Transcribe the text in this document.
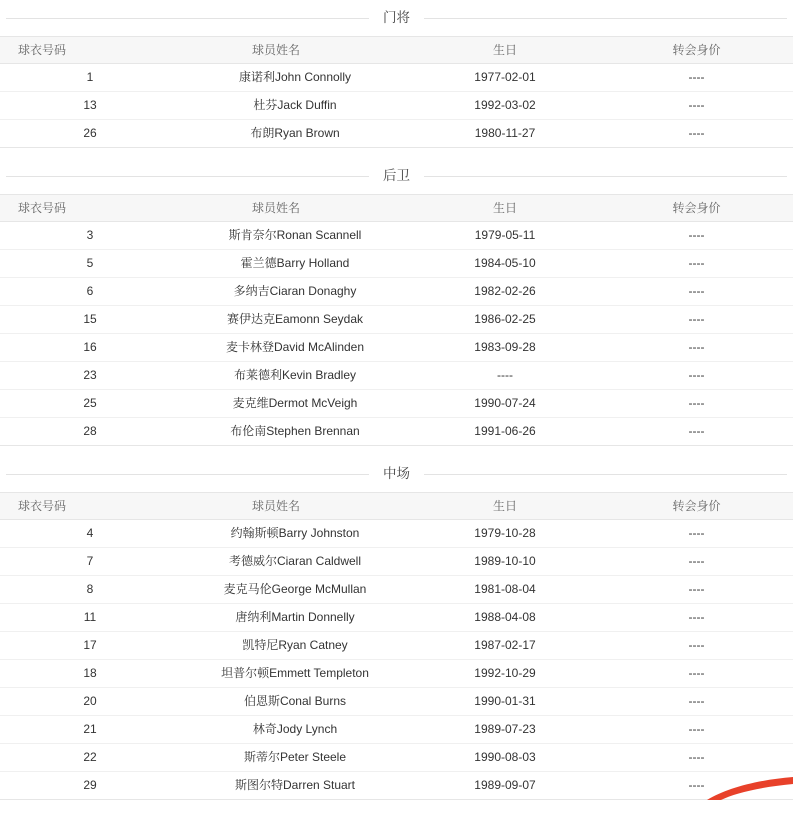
门将
球衣号码	球员姓名	生日	转会身价
1	康诺利John Connolly	1977-02-01	----
13	杜芬Jack Duffin	1992-03-02	----
26	布朗Ryan Brown	1980-11-27	----
后卫
球衣号码	球员姓名	生日	转会身价
3	斯肯奈尔Ronan Scannell	1979-05-11	----
5	霍兰德Barry Holland	1984-05-10	----
6	多纳吉Ciaran Donaghy	1982-02-26	----
15	赛伊达克Eamonn Seydak	1986-02-25	----
16	麦卡林登David McAlinden	1983-09-28	----
23	布莱德利Kevin Bradley	----	----
25	麦克维Dermot McVeigh	1990-07-24	----
28	布伦南Stephen Brennan	1991-06-26	----
中场
球衣号码	球员姓名	生日	转会身价
4	约翰斯顿Barry Johnston	1979-10-28	----
7	考德威尔Ciaran Caldwell	1989-10-10	----
8	麦克马伦George McMullan	1981-08-04	----
11	唐纳利Martin Donnelly	1988-04-08	----
17	凯特尼Ryan Catney	1987-02-17	----
18	坦普尔顿Emmett Templeton	1992-10-29	----
20	伯恩斯Conal Burns	1990-01-31	----
21	林奇Jody Lynch	1989-07-23	----
22	斯蒂尔Peter Steele	1990-08-03	----
29	斯图尔特Darren Stuart	1989-09-07	----
